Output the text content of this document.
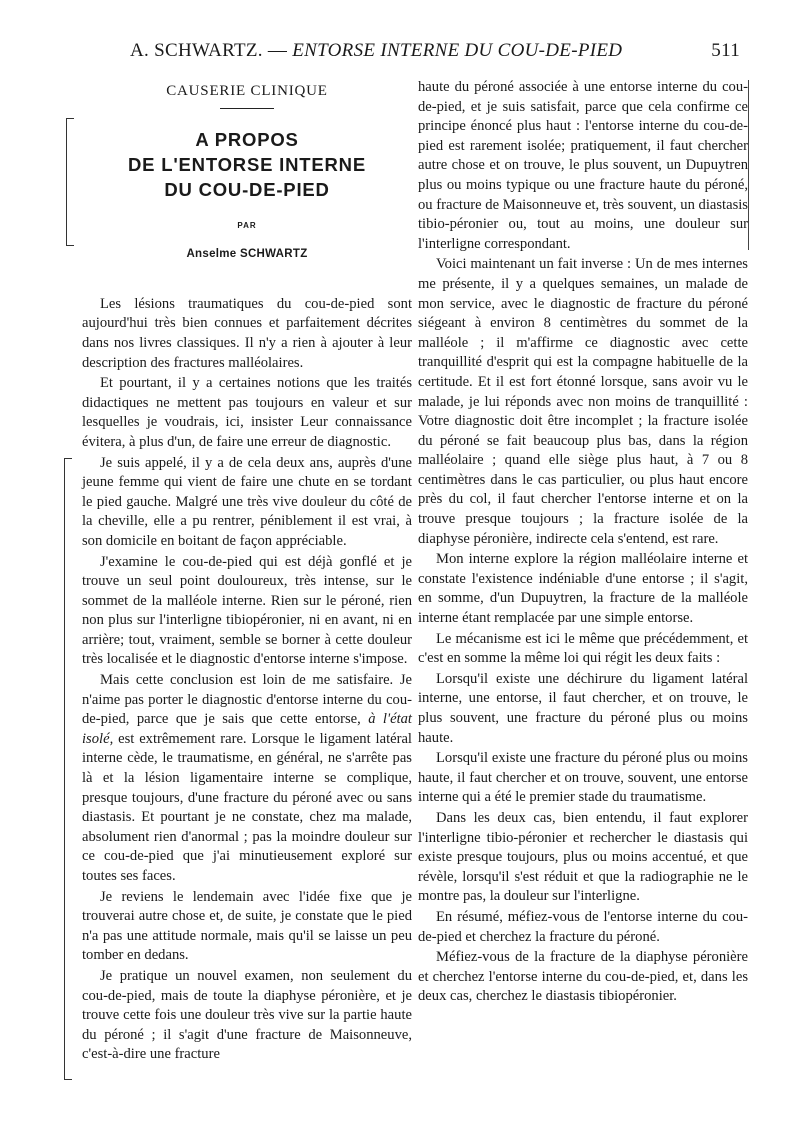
A. SCHWARTZ. — ENTORSE INTERNE DU COU-DE-PIED	511
CAUSERIE CLINIQUE
A PROPOS
DE L'ENTORSE INTERNE
DU COU-DE-PIED
PAR
Anselme SCHWARTZ

Les lésions traumatiques du cou-de-pied sont aujourd'hui très bien connues et parfaitement décrites dans nos livres classiques. Il n'y a rien à ajouter à leur description des fractures malléolaires.

Et pourtant, il y a certaines notions que les traités didactiques ne mettent pas toujours en valeur et sur lesquelles je voudrais, ici, insister Leur connaissance évitera, à plus d'un, de faire une erreur de diagnostic.

Je suis appelé, il y a de cela deux ans, auprès d'une jeune femme qui vient de faire une chute en se tordant le pied gauche. Malgré une très vive douleur du côté de la cheville, elle a pu rentrer, péniblement il est vrai, à son domicile en boitant de façon appréciable.

J'examine le cou-de-pied qui est déjà gonflé et je trouve un seul point douloureux, très intense, sur le sommet de la malléole interne. Rien sur le péroné, rien non plus sur l'interligne tibiopéronier, ni en avant, ni en arrière; tout, vraiment, semble se borner à cette douleur très localisée et le diagnostic d'entorse interne s'impose.

Mais cette conclusion est loin de me satisfaire. Je n'aime pas porter le diagnostic d'entorse interne du cou-de-pied, parce que je sais que cette entorse, à l'état isolé, est extrêmement rare. Lorsque le ligament latéral interne cède, le traumatisme, en général, ne s'arrête pas là et la lésion ligamentaire interne se complique, presque toujours, d'une fracture du péroné avec ou sans diastasis. Et pourtant je ne constate, chez ma malade, absolument rien d'anormal ; pas la moindre douleur sur ce cou-de-pied que j'ai minutieusement exploré sur toutes ses faces.

Je reviens le lendemain avec l'idée fixe que je trouverai autre chose et, de suite, je constate que le pied n'a pas une attitude normale, mais qu'il se laisse un peu tomber en dedans.

Je pratique un nouvel examen, non seulement du cou-de-pied, mais de toute la diaphyse péronière, et je trouve cette fois une douleur très vive sur la partie haute du péroné ; il s'agit d'une fracture de Maisonneuve, c'est-à-dire une fracture

haute du péroné associée à une entorse interne du cou-de-pied, et je suis satisfait, parce que cela confirme ce principe énoncé plus haut : l'entorse interne du cou-de-pied est rarement isolée; pratiquement, il faut chercher autre chose et on trouve, le plus souvent, un Dupuytren plus ou moins typique ou une fracture haute du péroné, ou fracture de Maisonneuve et, très souvent, un diastasis tibio-péronier ou, tout au moins, une douleur sur l'interligne correspondant.

Voici maintenant un fait inverse : Un de mes internes me présente, il y a quelques semaines, un malade de mon service, avec le diagnostic de fracture du péroné siégeant à environ 8 centimètres du sommet de la malléole ; il m'affirme ce diagnostic avec cette tranquillité d'esprit qui est la compagne habituelle de la certitude. Et il est fort étonné lorsque, sans avoir vu le malade, je lui réponds avec non moins de tranquillité : Votre diagnostic doit être incomplet ; la fracture isolée du péroné se fait beaucoup plus bas, dans la région malléolaire ; quand elle siège plus haut, à 7 ou 8 centimètres dans le cas particulier, ou plus haut encore près du col, il faut chercher l'entorse interne et on la trouve presque toujours ; la fracture isolée de la diaphyse péronière, indirecte cela s'entend, est rare.

Mon interne explore la région malléolaire interne et constate l'existence indéniable d'une entorse ; il s'agit, en somme, d'un Dupuytren, la fracture de la malléole interne étant remplacée par une simple entorse.

Le mécanisme est ici le même que précédemment, et c'est en somme la même loi qui régit les deux faits :

Lorsqu'il existe une déchirure du ligament latéral interne, une entorse, il faut chercher, et on trouve, le plus souvent, une fracture du péroné plus ou moins haute.

Lorsqu'il existe une fracture du péroné plus ou moins haute, il faut chercher et on trouve, souvent, une entorse interne qui a été le premier stade du traumatisme.

Dans les deux cas, bien entendu, il faut explorer l'interligne tibio-péronier et rechercher le diastasis qui existe presque toujours, plus ou moins accentué, et que révèle, lorsqu'il s'est réduit et que la radiographie ne le montre pas, la douleur sur l'interligne.

En résumé, méfiez-vous de l'entorse interne du cou-de-pied et cherchez la fracture du péroné.

Méfiez-vous de la fracture de la diaphyse péronière et cherchez l'entorse interne du cou-de-pied, et, dans les deux cas, cherchez le diastasis tibiopéronier.
